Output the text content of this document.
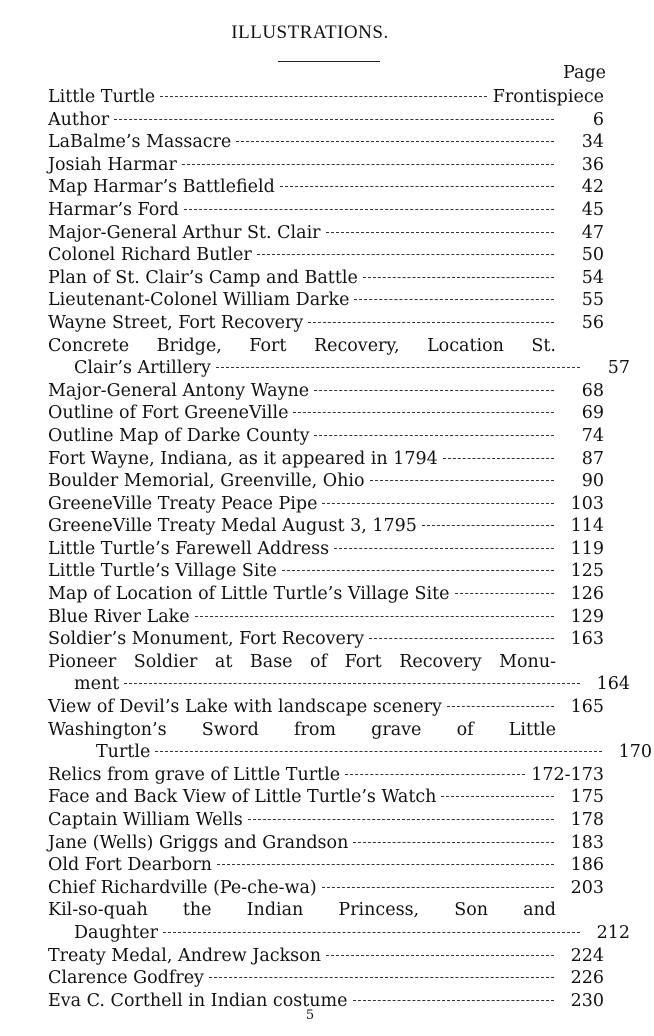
ILLUSTRATIONS.
Page
Little Turtle	Frontispiece
Author	6
LaBalme’s Massacre	34
Josiah Harmar	36
Map Harmar’s Battlefield	42
Harmar’s Ford	45
Major-General Arthur St. Clair	47
Colonel Richard Butler	50
Plan of St. Clair’s Camp and Battle	54
Lieutenant-Colonel William Darke	55
Wayne Street, Fort Recovery	56
Concrete Bridge, Fort Recovery, Location St.
Clair’s Artillery	57
Major-General Antony Wayne	68
Outline of Fort GreeneVille	69
Outline Map of Darke County	74
Fort Wayne, Indiana, as it appeared in 1794	87
Boulder Memorial, Greenville, Ohio	90
GreeneVille Treaty Peace Pipe	103
GreeneVille Treaty Medal August 3, 1795	114
Little Turtle’s Farewell Address	119
Little Turtle’s Village Site	125
Map of Location of Little Turtle’s Village Site	126
Blue River Lake	129
Soldier’s Monument, Fort Recovery	163
Pioneer Soldier at Base of Fort Recovery Monu-
ment	164
View of Devil’s Lake with landscape scenery	165
Washington’s Sword from grave of Little
Turtle	170
Relics from grave of Little Turtle	172-173
Face and Back View of Little Turtle’s Watch	175
Captain William Wells	178
Jane (Wells) Griggs and Grandson	183
Old Fort Dearborn	186
Chief Richardville (Pe-che-wa)	203
Kil-so-quah the Indian Princess, Son and
Daughter	212
Treaty Medal, Andrew Jackson	224
Clarence Godfrey	226
Eva C. Corthell in Indian costume	230
5
